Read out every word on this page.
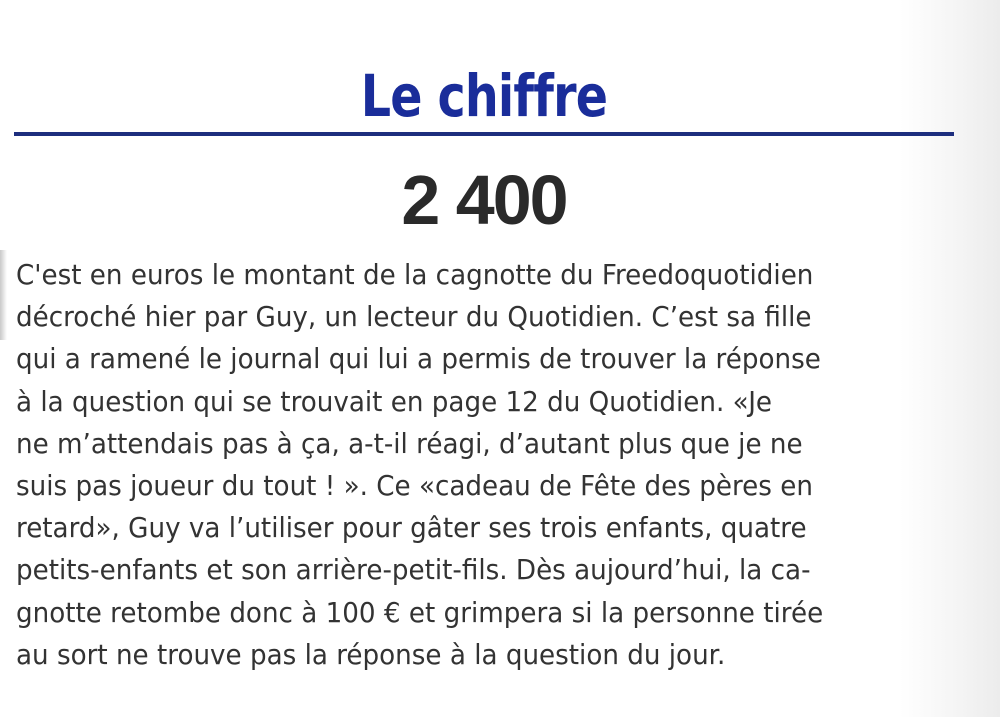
Le chiffre
2 400

C'est en euros le montant de la cagnotte du Freedoquotidien
décroché hier par Guy, un lecteur du Quotidien. C’est sa fille
qui a ramené le journal qui lui a permis de trouver la réponse
à la question qui se trouvait en page 12 du Quotidien. «Je
ne m’attendais pas à ça, a-t-il réagi, d’autant plus que je ne
suis pas joueur du tout ! ». Ce «cadeau de Fête des pères en
retard», Guy va l’utiliser pour gâter ses trois enfants, quatre
petits-enfants et son arrière-petit-fils. Dès aujourd’hui, la ca-
gnotte retombe donc à 100 € et grimpera si la personne tirée
au sort ne trouve pas la réponse à la question du jour.
